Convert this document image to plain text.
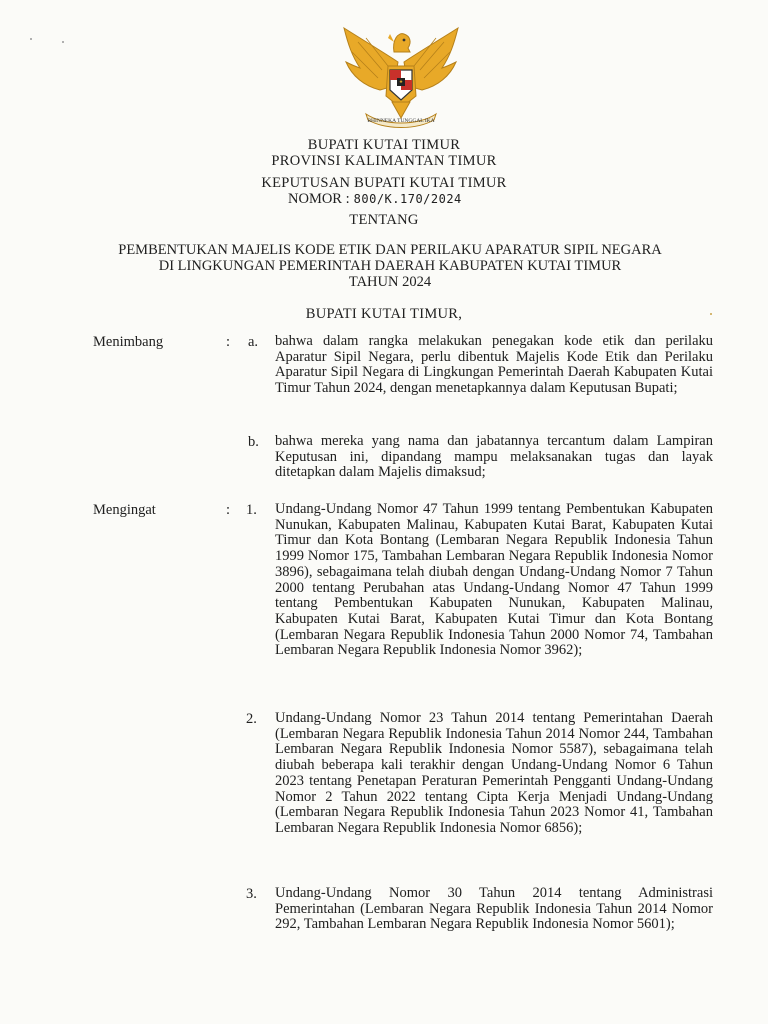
BHINNEKA TUNGGAL IKA
BUPATI KUTAI TIMUR
PROVINSI KALIMANTAN TIMUR
KEPUTUSAN BUPATI KUTAI TIMUR
NOMOR : 800/K.170/2024
TENTANG
PEMBENTUKAN MAJELIS KODE ETIK DAN PERILAKU APARATUR SIPIL NEGARA
DI LINGKUNGAN PEMERINTAH DAERAH KABUPATEN KUTAI TIMUR
TAHUN 2024
BUPATI KUTAI TIMUR,
Menimbang	: a. bahwa dalam rangka melakukan penegakan kode etik dan perilaku Aparatur Sipil Negara, perlu dibentuk Majelis Kode Etik dan Perilaku Aparatur Sipil Negara di Lingkungan Pemerintah Daerah Kabupaten Kutai Timur Tahun 2024, dengan menetapkannya dalam Keputusan Bupati;

b. bahwa mereka yang nama dan jabatannya tercantum dalam Lampiran Keputusan ini, dipandang mampu melaksanakan tugas dan layak ditetapkan dalam Majelis dimaksud;

Mengingat	: 1. Undang-Undang Nomor 47 Tahun 1999 tentang Pembentukan Kabupaten Nunukan, Kabupaten Malinau, Kabupaten Kutai Barat, Kabupaten Kutai Timur dan Kota Bontang (Lembaran Negara Republik Indonesia Tahun 1999 Nomor 175, Tambahan Lembaran Negara Republik Indonesia Nomor 3896), sebagaimana telah diubah dengan Undang-Undang Nomor 7 Tahun 2000 tentang Perubahan atas Undang-Undang Nomor 47 Tahun 1999 tentang Pembentukan Kabupaten Nunukan, Kabupaten Malinau, Kabupaten Kutai Barat, Kabupaten Kutai Timur dan Kota Bontang (Lembaran Negara Republik Indonesia Tahun 2000 Nomor 74, Tambahan Lembaran Negara Republik Indonesia Nomor 3962);

2. Undang-Undang Nomor 23 Tahun 2014 tentang Pemerintahan Daerah (Lembaran Negara Republik Indonesia Tahun 2014 Nomor 244, Tambahan Lembaran Negara Republik Indonesia Nomor 5587), sebagaimana telah diubah beberapa kali terakhir dengan Undang-Undang Nomor 6 Tahun 2023 tentang Penetapan Peraturan Pemerintah Pengganti Undang-Undang Nomor 2 Tahun 2022 tentang Cipta Kerja Menjadi Undang-Undang (Lembaran Negara Republik Indonesia Tahun 2023 Nomor 41, Tambahan Lembaran Negara Republik Indonesia Nomor 6856);

3. Undang-Undang Nomor 30 Tahun 2014 tentang Administrasi Pemerintahan (Lembaran Negara Republik Indonesia Tahun 2014 Nomor 292, Tambahan Lembaran Negara Republik Indonesia Nomor 5601);
